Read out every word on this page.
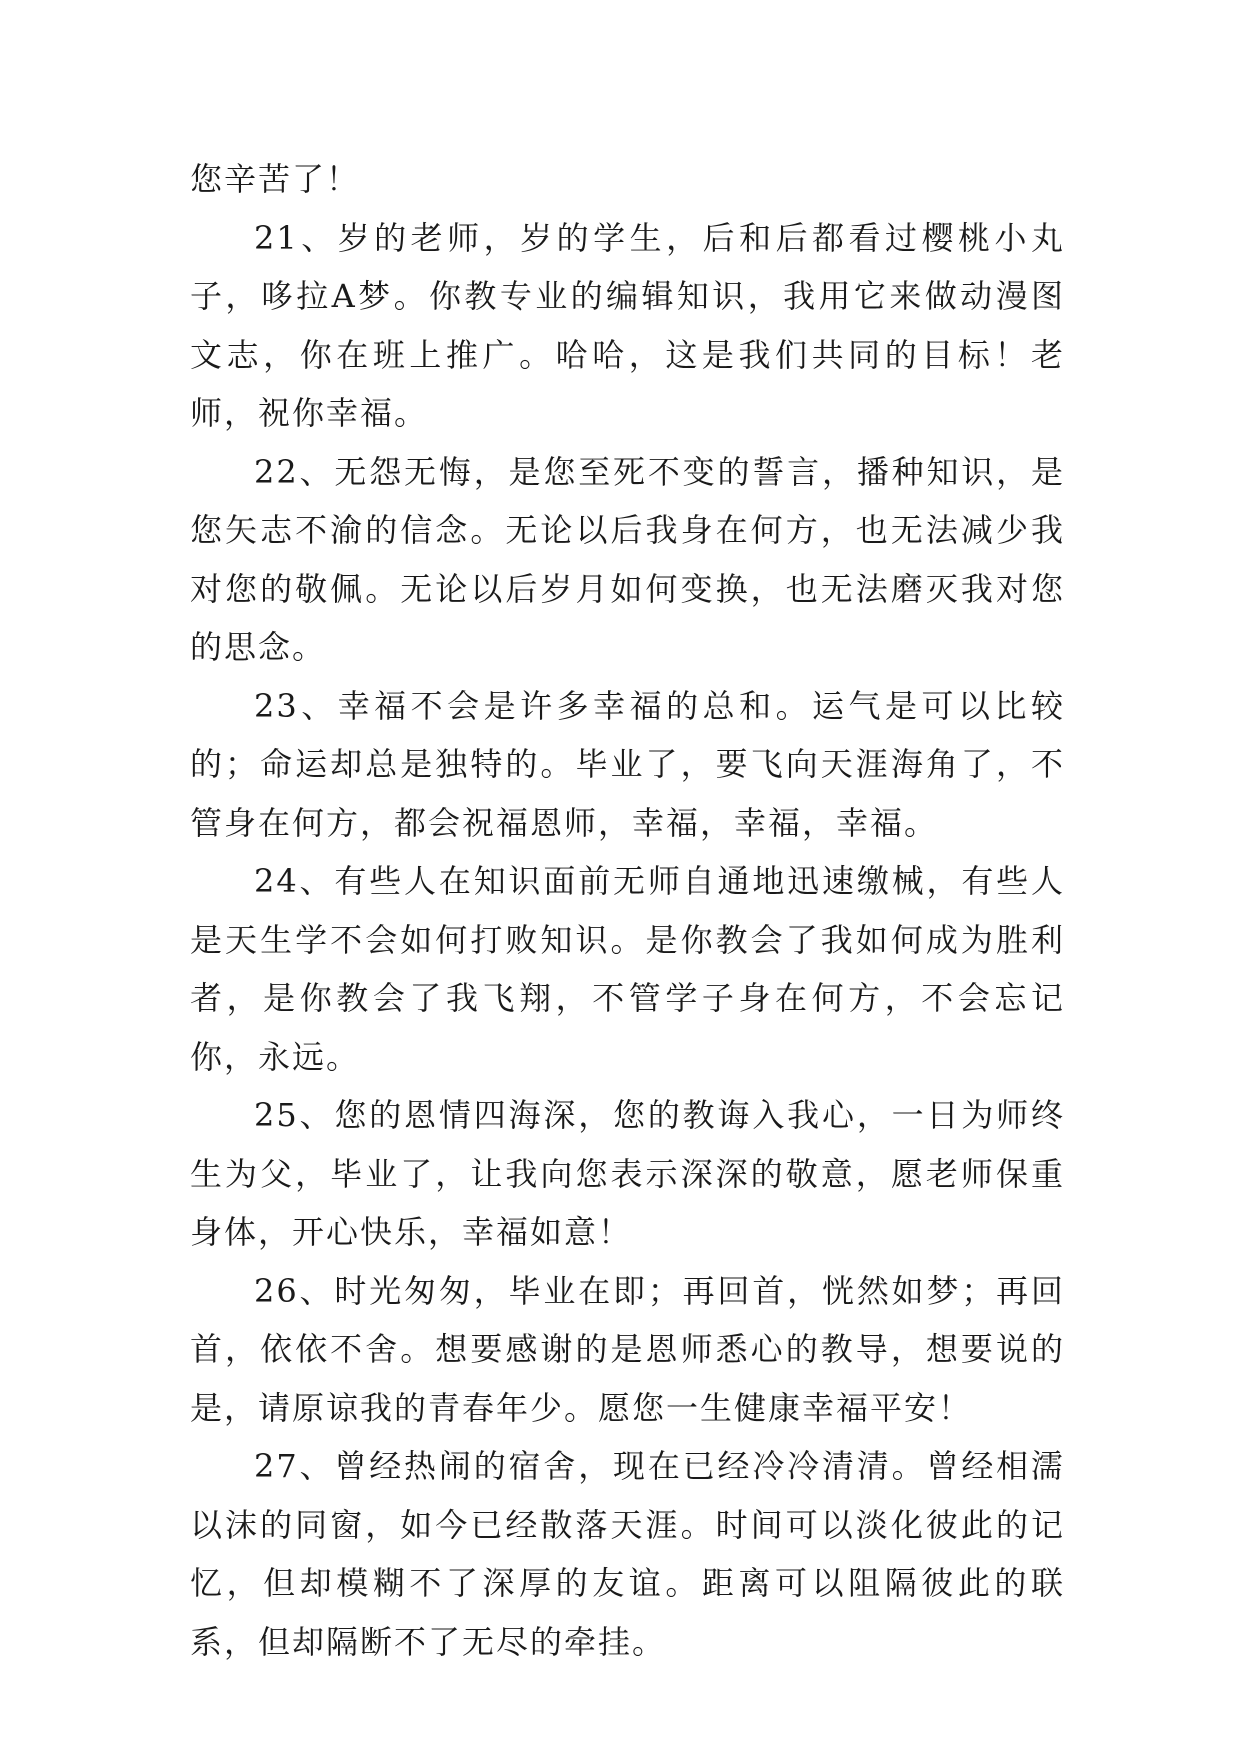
您辛苦了！

21、岁的老师，岁的学生，后和后都看过樱桃小丸子，哆拉A梦。你教专业的编辑知识，我用它来做动漫图文志，你在班上推广。哈哈，这是我们共同的目标！老师，祝你幸福。

22、无怨无悔，是您至死不变的誓言，播种知识，是您矢志不渝的信念。无论以后我身在何方，也无法减少我对您的敬佩。无论以后岁月如何变换，也无法磨灭我对您的思念。

23、幸福不会是许多幸福的总和。运气是可以比较的；命运却总是独特的。毕业了，要飞向天涯海角了，不管身在何方，都会祝福恩师，幸福，幸福，幸福。

24、有些人在知识面前无师自通地迅速缴械，有些人是天生学不会如何打败知识。是你教会了我如何成为胜利者，是你教会了我飞翔，不管学子身在何方，不会忘记你，永远。

25、您的恩情四海深，您的教诲入我心，一日为师终生为父，毕业了，让我向您表示深深的敬意，愿老师保重身体，开心快乐，幸福如意！

26、时光匆匆，毕业在即；再回首，恍然如梦；再回首，依依不舍。想要感谢的是恩师悉心的教导，想要说的是，请原谅我的青春年少。愿您一生健康幸福平安！

27、曾经热闹的宿舍，现在已经冷冷清清。曾经相濡以沫的同窗，如今已经散落天涯。时间可以淡化彼此的记忆，但却模糊不了深厚的友谊。距离可以阻隔彼此的联系，但却隔断不了无尽的牵挂。
